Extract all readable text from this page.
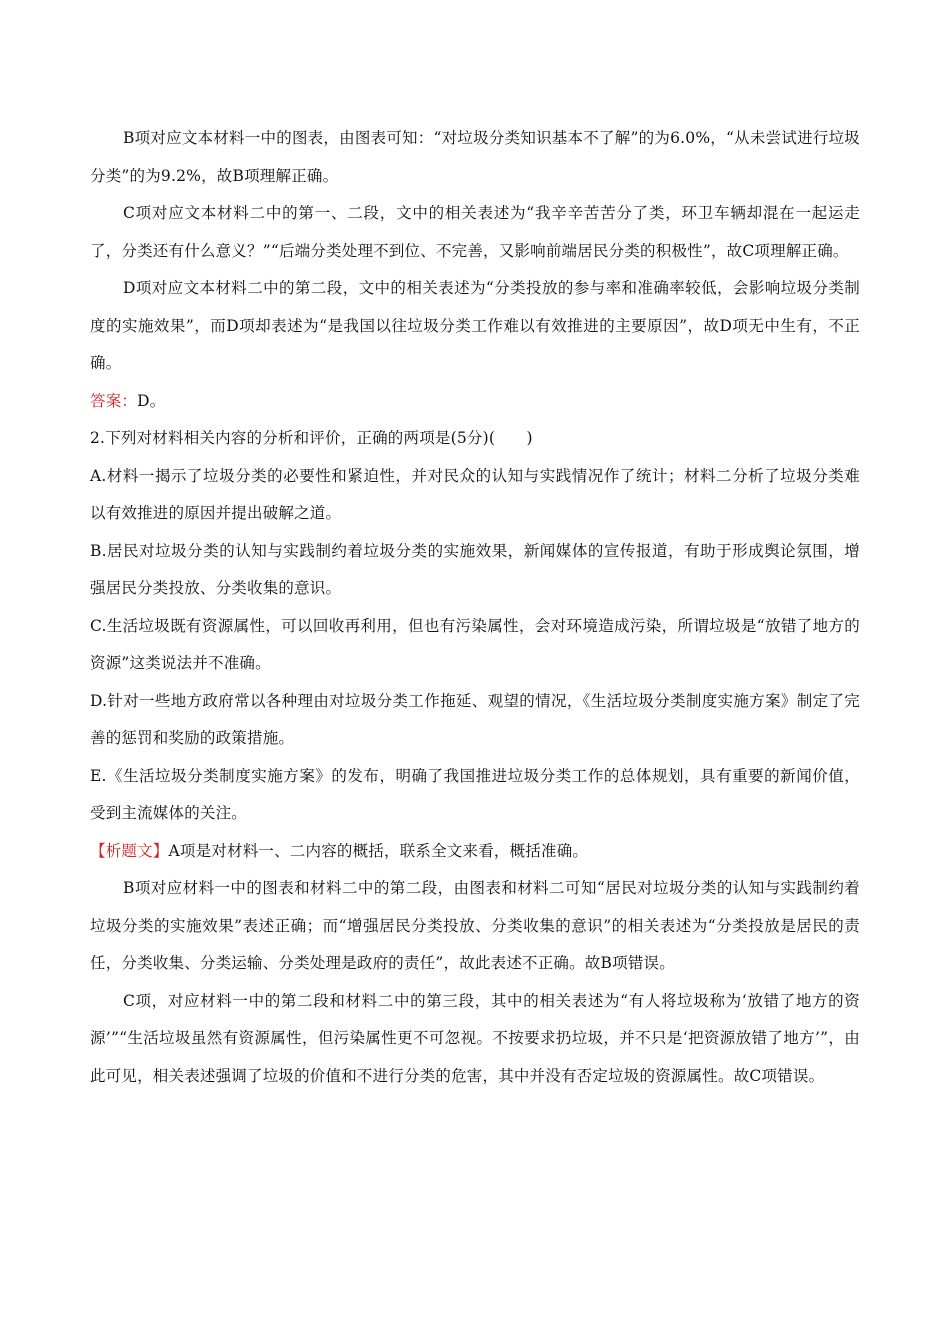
B项对应文本材料一中的图表，由图表可知：“对垃圾分类知识基本不了解”的为6.0%，“从未尝试进行垃圾分类”的为9.2%，故B项理解正确。

C项对应文本材料二中的第一、二段，文中的相关表述为“我辛辛苦苦分了类，环卫车辆却混在一起运走了，分类还有什么意义？”“后端分类处理不到位、不完善，又影响前端居民分类的积极性”，故C项理解正确。

D项对应文本材料二中的第二段，文中的相关表述为“分类投放的参与率和准确率较低，会影响垃圾分类制度的实施效果”，而D项却表述为“是我国以往垃圾分类工作难以有效推进的主要原因”，故D项无中生有，不正确。

答案：D。

2.下列对材料相关内容的分析和评价，正确的两项是(5分)(　　)

A.材料一揭示了垃圾分类的必要性和紧迫性，并对民众的认知与实践情况作了统计；材料二分析了垃圾分类难以有效推进的原因并提出破解之道。

B.居民对垃圾分类的认知与实践制约着垃圾分类的实施效果，新闻媒体的宣传报道，有助于形成舆论氛围，增强居民分类投放、分类收集的意识。

C.生活垃圾既有资源属性，可以回收再利用，但也有污染属性，会对环境造成污染，所谓垃圾是“放错了地方的资源”这类说法并不准确。

D.针对一些地方政府常以各种理由对垃圾分类工作拖延、观望的情况，《生活垃圾分类制度实施方案》制定了完善的惩罚和奖励的政策措施。

E.《生活垃圾分类制度实施方案》的发布，明确了我国推进垃圾分类工作的总体规划，具有重要的新闻价值，受到主流媒体的关注。

【析题文】A项是对材料一、二内容的概括，联系全文来看，概括准确。

B项对应材料一中的图表和材料二中的第二段，由图表和材料二可知“居民对垃圾分类的认知与实践制约着垃圾分类的实施效果”表述正确；而“增强居民分类投放、分类收集的意识”的相关表述为“分类投放是居民的责任，分类收集、分类运输、分类处理是政府的责任”，故此表述不正确。故B项错误。

C项，对应材料一中的第二段和材料二中的第三段，其中的相关表述为“有人将垃圾称为‘放错了地方的资源’”“生活垃圾虽然有资源属性，但污染属性更不可忽视。不按要求扔垃圾，并不只是‘把资源放错了地方’”，由此可见，相关表述强调了垃圾的价值和不进行分类的危害，其中并没有否定垃圾的资源属性。故C项错误。
